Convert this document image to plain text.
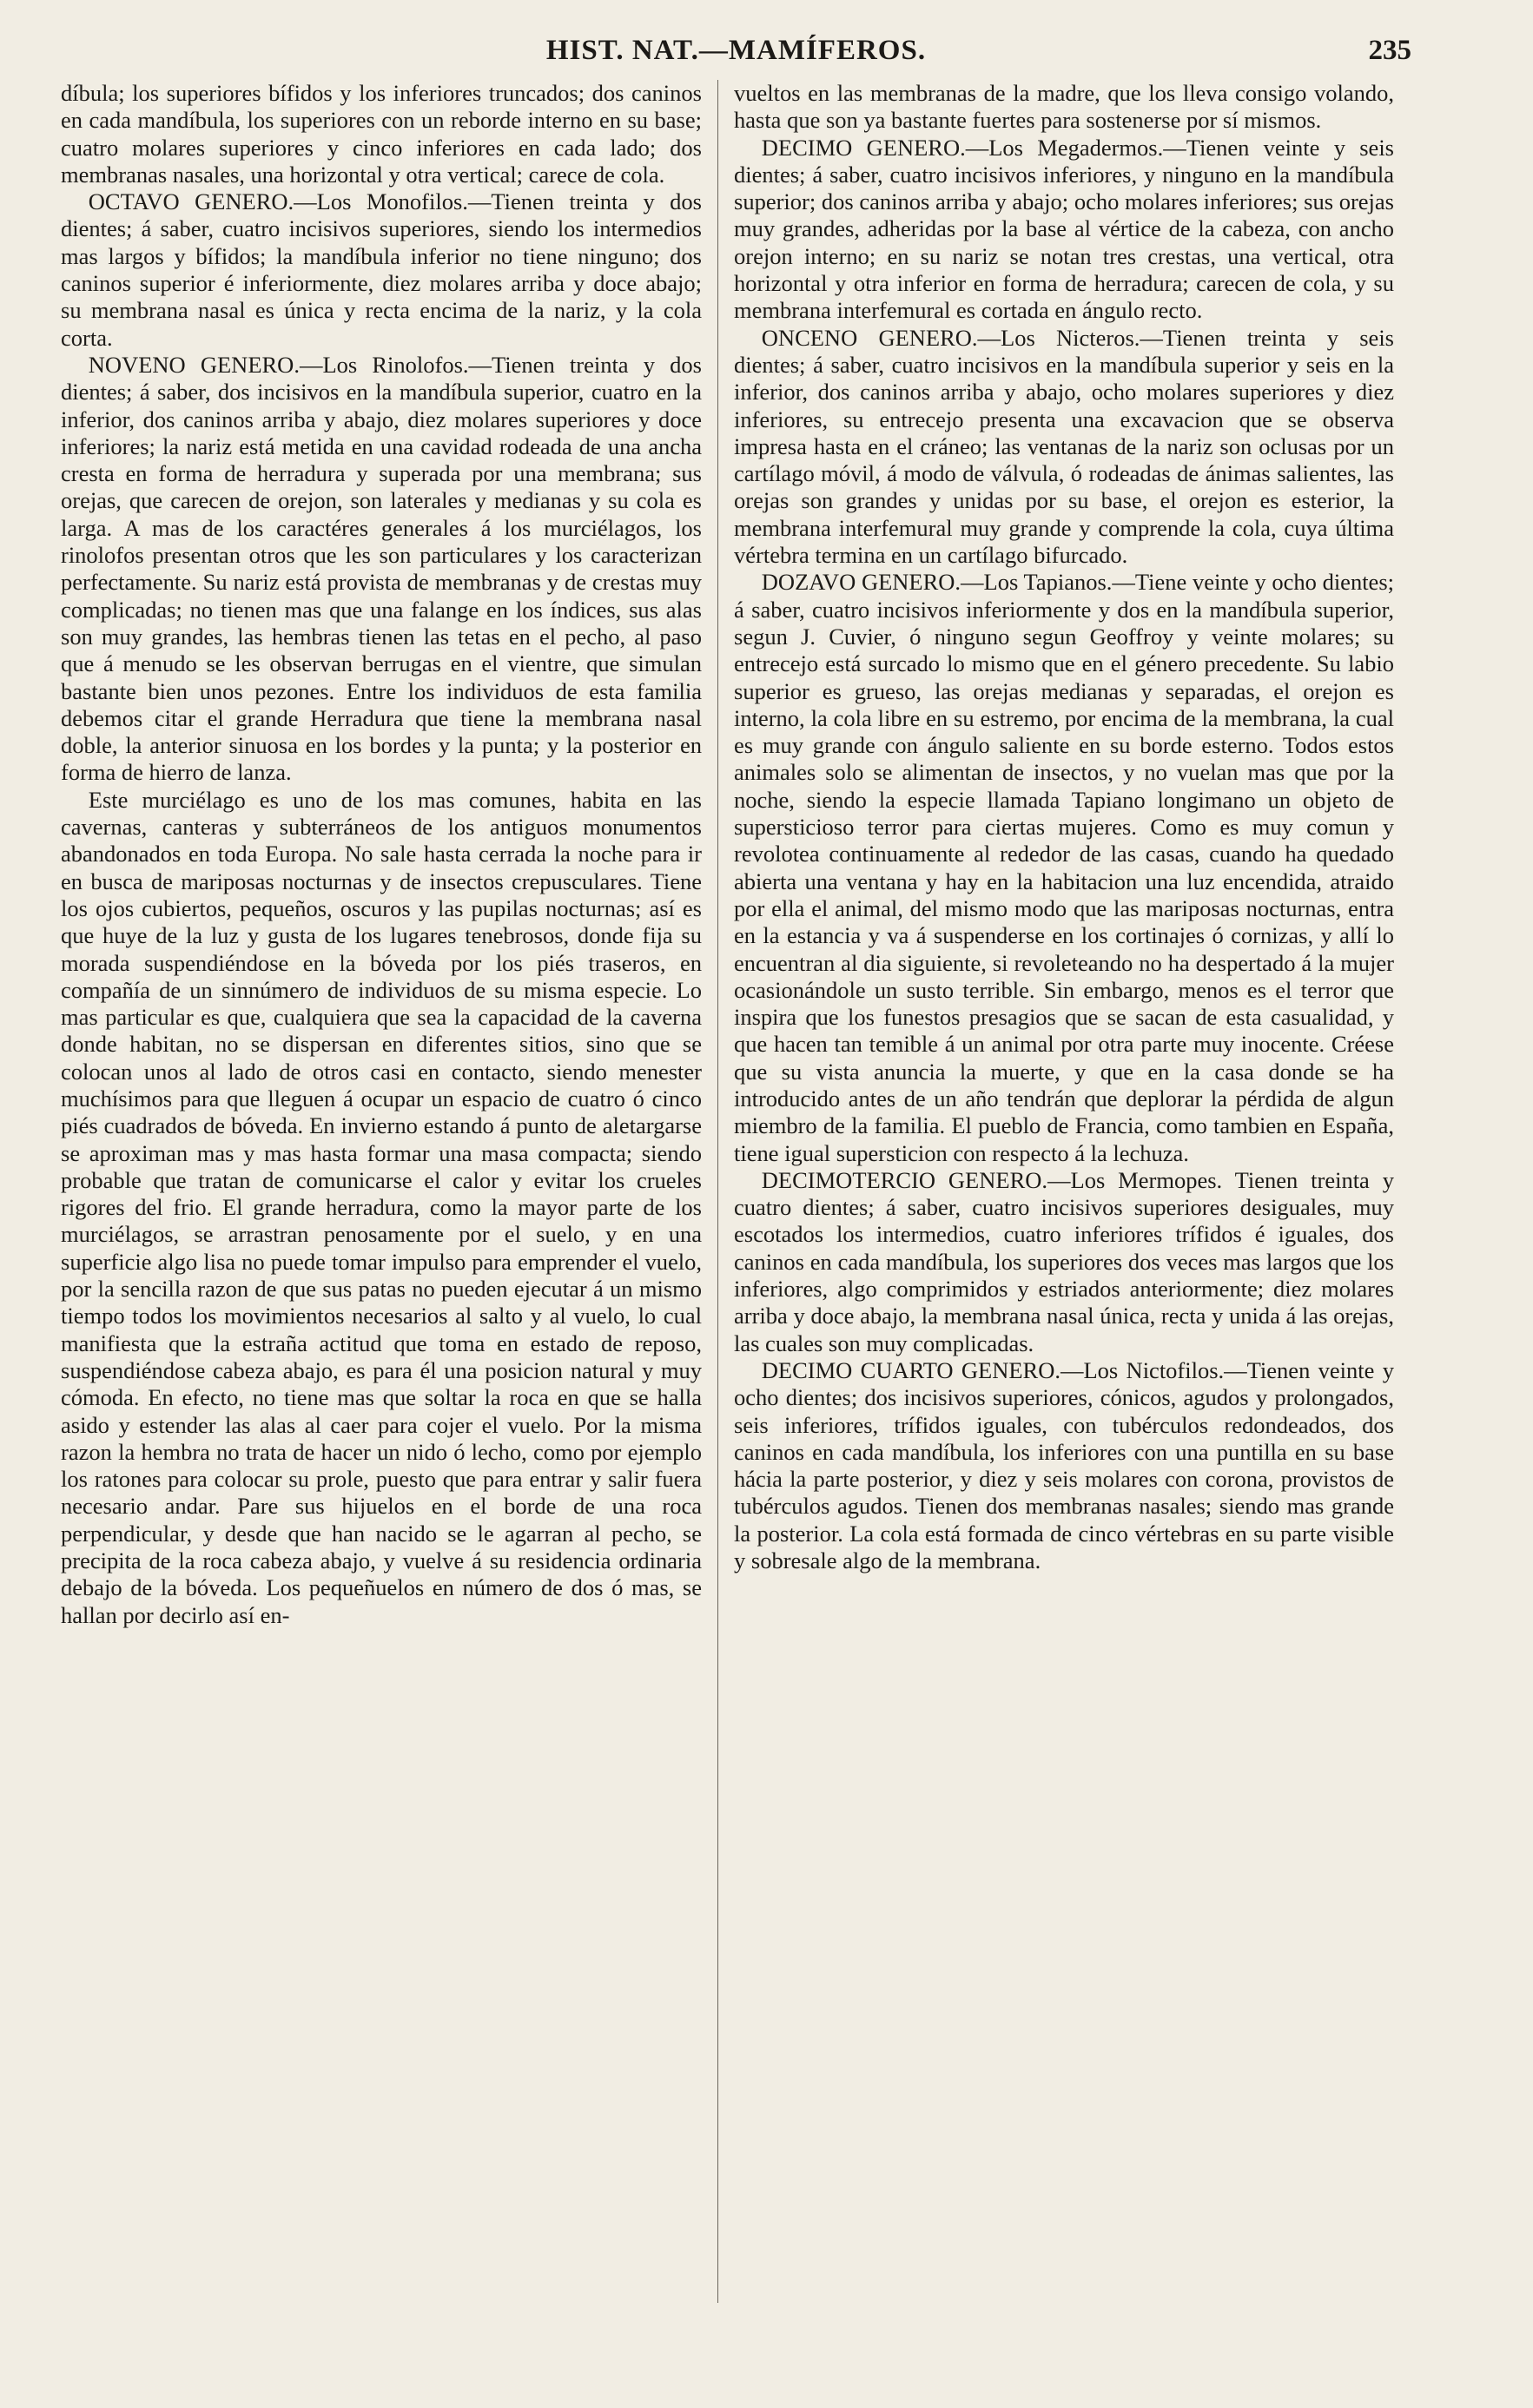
HIST. NAT.—MAMÍFEROS.	235

díbula; los superiores bífidos y los inferiores truncados; dos caninos en cada mandíbula, los superiores con un reborde interno en su base; cuatro molares superiores y cinco inferiores en cada lado; dos membranas nasales, una horizontal y otra vertical; carece de cola.

OCTAVO GENERO.—Los Monofilos.—Tienen treinta y dos dientes; á saber, cuatro incisivos superiores, siendo los intermedios mas largos y bífidos; la mandíbula inferior no tiene ninguno; dos caninos superior é inferiormente, diez molares arriba y doce abajo; su membrana nasal es única y recta encima de la nariz, y la cola corta.

NOVENO GENERO.—Los Rinolofos.—Tienen treinta y dos dientes; á saber, dos incisivos en la mandíbula superior, cuatro en la inferior, dos caninos arriba y abajo, diez molares superiores y doce inferiores; la nariz está metida en una cavidad rodeada de una ancha cresta en forma de herradura y superada por una membrana; sus orejas, que carecen de orejon, son laterales y medianas y su cola es larga. A mas de los caractéres generales á los murciélagos, los rinolofos presentan otros que les son particulares y los caracterizan perfectamente. Su nariz está provista de membranas y de crestas muy complicadas; no tienen mas que una falange en los índices, sus alas son muy grandes, las hembras tienen las tetas en el pecho, al paso que á menudo se les observan berrugas en el vientre, que simulan bastante bien unos pezones. Entre los individuos de esta familia debemos citar el grande Herradura que tiene la membrana nasal doble, la anterior sinuosa en los bordes y la punta; y la posterior en forma de hierro de lanza.

Este murciélago es uno de los mas comunes, habita en las cavernas, canteras y subterráneos de los antiguos monumentos abandonados en toda Europa. No sale hasta cerrada la noche para ir en busca de mariposas nocturnas y de insectos crepusculares. Tiene los ojos cubiertos, pequeños, oscuros y las pupilas nocturnas; así es que huye de la luz y gusta de los lugares tenebrosos, donde fija su morada suspendiéndose en la bóveda por los piés traseros, en compañía de un sinnúmero de individuos de su misma especie. Lo mas particular es que, cualquiera que sea la capacidad de la caverna donde habitan, no se dispersan en diferentes sitios, sino que se colocan unos al lado de otros casi en contacto, siendo menester muchísimos para que lleguen á ocupar un espacio de cuatro ó cinco piés cuadrados de bóveda. En invierno estando á punto de aletargarse se aproximan mas y mas hasta formar una masa compacta; siendo probable que tratan de comunicarse el calor y evitar los crueles rigores del frio. El grande herradura, como la mayor parte de los murciélagos, se arrastran penosamente por el suelo, y en una superficie algo lisa no puede tomar impulso para emprender el vuelo, por la sencilla razon de que sus patas no pueden ejecutar á un mismo tiempo todos los movimientos necesarios al salto y al vuelo, lo cual manifiesta que la estraña actitud que toma en estado de reposo, suspendiéndose cabeza abajo, es para él una posicion natural y muy cómoda. En efecto, no tiene mas que soltar la roca en que se halla asido y estender las alas al caer para cojer el vuelo. Por la misma razon la hembra no trata de hacer un nido ó lecho, como por ejemplo los ratones para colocar su prole, puesto que para entrar y salir fuera necesario andar. Pare sus hijuelos en el borde de una roca perpendicular, y desde que han nacido se le agarran al pecho, se precipita de la roca cabeza abajo, y vuelve á su residencia ordinaria debajo de la bóveda. Los pequeñuelos en número de dos ó mas, se hallan por decirlo así en-

vueltos en las membranas de la madre, que los lleva consigo volando, hasta que son ya bastante fuertes para sostenerse por sí mismos.

DECIMO GENERO.—Los Megadermos.—Tienen veinte y seis dientes; á saber, cuatro incisivos inferiores, y ninguno en la mandíbula superior; dos caninos arriba y abajo; ocho molares inferiores; sus orejas muy grandes, adheridas por la base al vértice de la cabeza, con ancho orejon interno; en su nariz se notan tres crestas, una vertical, otra horizontal y otra inferior en forma de herradura; carecen de cola, y su membrana interfemural es cortada en ángulo recto.

ONCENO GENERO.—Los Nicteros.—Tienen treinta y seis dientes; á saber, cuatro incisivos en la mandíbula superior y seis en la inferior, dos caninos arriba y abajo, ocho molares superiores y diez inferiores, su entrecejo presenta una excavacion que se observa impresa hasta en el cráneo; las ventanas de la nariz son oclusas por un cartílago móvil, á modo de válvula, ó rodeadas de ánimas salientes, las orejas son grandes y unidas por su base, el orejon es esterior, la membrana interfemural muy grande y comprende la cola, cuya última vértebra termina en un cartílago bifurcado.

DOZAVO GENERO.—Los Tapianos.—Tiene veinte y ocho dientes; á saber, cuatro incisivos inferiormente y dos en la mandíbula superior, segun J. Cuvier, ó ninguno segun Geoffroy y veinte molares; su entrecejo está surcado lo mismo que en el género precedente. Su labio superior es grueso, las orejas medianas y separadas, el orejon es interno, la cola libre en su estremo, por encima de la membrana, la cual es muy grande con ángulo saliente en su borde esterno. Todos estos animales solo se alimentan de insectos, y no vuelan mas que por la noche, siendo la especie llamada Tapiano longimano un objeto de supersticioso terror para ciertas mujeres. Como es muy comun y revolotea continuamente al rededor de las casas, cuando ha quedado abierta una ventana y hay en la habitacion una luz encendida, atraido por ella el animal, del mismo modo que las mariposas nocturnas, entra en la estancia y va á suspenderse en los cortinajes ó cornizas, y allí lo encuentran al dia siguiente, si revoleteando no ha despertado á la mujer ocasionándole un susto terrible. Sin embargo, menos es el terror que inspira que los funestos presagios que se sacan de esta casualidad, y que hacen tan temible á un animal por otra parte muy inocente. Créese que su vista anuncia la muerte, y que en la casa donde se ha introducido antes de un año tendrán que deplorar la pérdida de algun miembro de la familia. El pueblo de Francia, como tambien en España, tiene igual supersticion con respecto á la lechuza.

DECIMOTERCIO GENERO.—Los Mermopes. Tienen treinta y cuatro dientes; á saber, cuatro incisivos superiores desiguales, muy escotados los intermedios, cuatro inferiores trífidos é iguales, dos caninos en cada mandíbula, los superiores dos veces mas largos que los inferiores, algo comprimidos y estriados anteriormente; diez molares arriba y doce abajo, la membrana nasal única, recta y unida á las orejas, las cuales son muy complicadas.

DECIMO CUARTO GENERO.—Los Nictofilos.—Tienen veinte y ocho dientes; dos incisivos superiores, cónicos, agudos y prolongados, seis inferiores, trífidos iguales, con tubérculos redondeados, dos caninos en cada mandíbula, los inferiores con una puntilla en su base hácia la parte posterior, y diez y seis molares con corona, provistos de tubérculos agudos. Tienen dos membranas nasales; siendo mas grande la posterior. La cola está formada de cinco vértebras en su parte visible y sobresale algo de la membrana.
